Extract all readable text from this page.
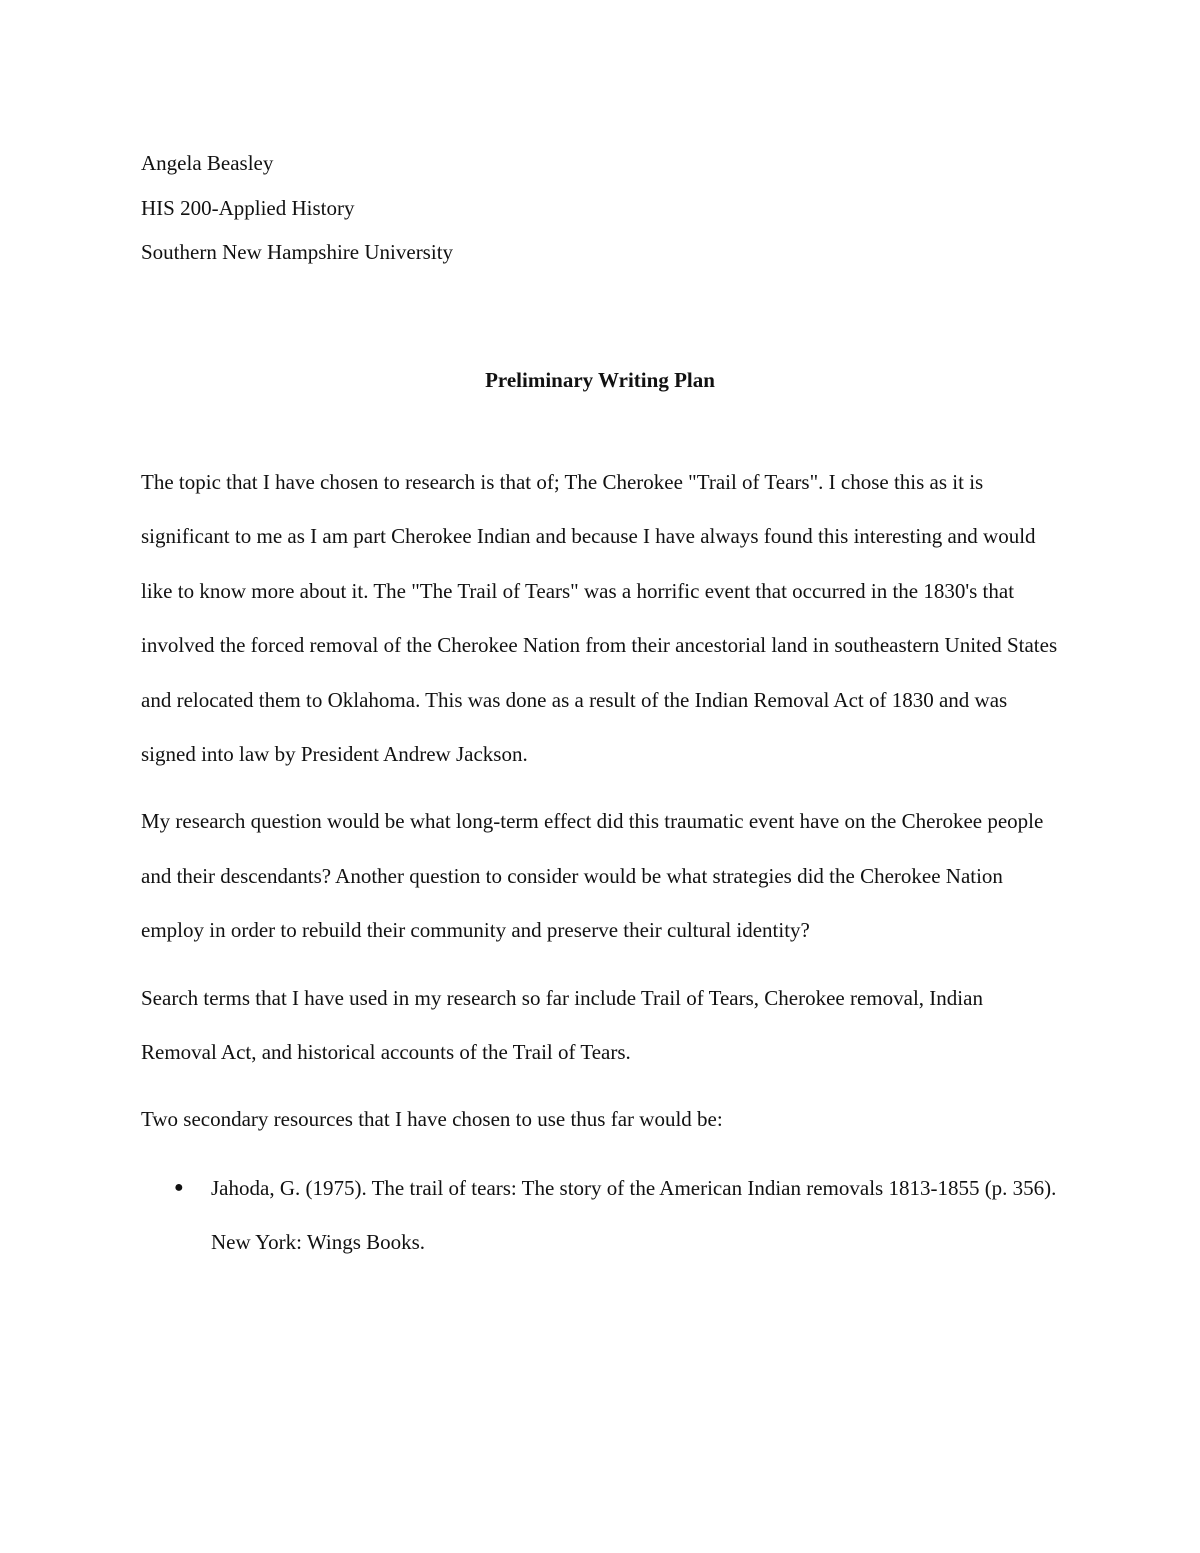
Angela Beasley
HIS 200-Applied History
Southern New Hampshire University
Preliminary Writing Plan

The topic that I have chosen to research is that of; The Cherokee "Trail of Tears". I chose this as it is significant to me as I am part Cherokee Indian and because I have always found this interesting and would like to know more about it. The "The Trail of Tears" was a horrific event that occurred in the 1830's that involved the forced removal of the Cherokee Nation from their ancestorial land in southeastern United States and relocated them to Oklahoma. This was done as a result of the Indian Removal Act of 1830 and was signed into law by President Andrew Jackson.

My research question would be what long-term effect did this traumatic event have on the Cherokee people and their descendants? Another question to consider would be what strategies did the Cherokee Nation employ in order to rebuild their community and preserve their cultural identity?

Search terms that I have used in my research so far include Trail of Tears, Cherokee removal, Indian Removal Act, and historical accounts of the Trail of Tears.

Two secondary resources that I have chosen to use thus far would be:

● Jahoda, G. (1975). The trail of tears: The story of the American Indian removals 1813-1855 (p. 356). New York: Wings Books.
